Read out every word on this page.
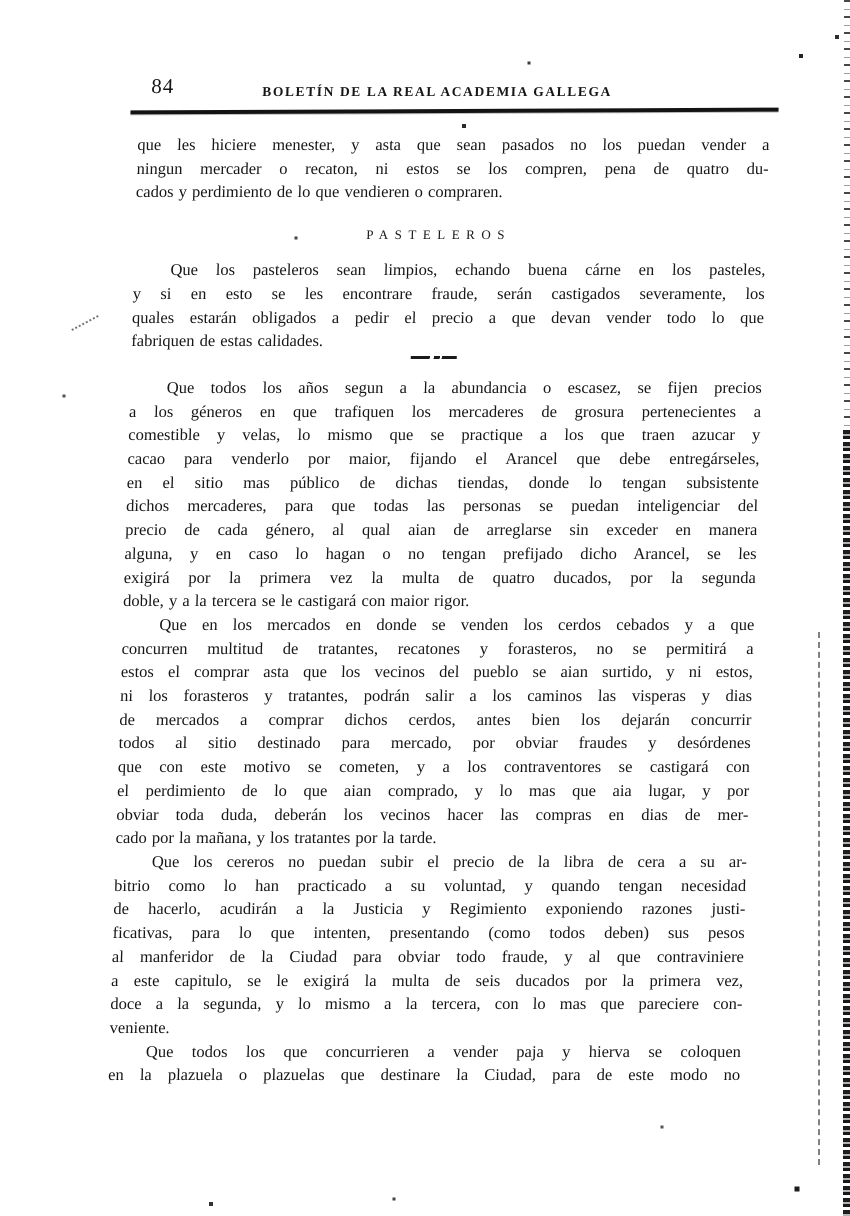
84	BOLETÍN DE LA REAL ACADEMIA GALLEGA
que les hiciere menester, y asta que sean pasados no los puedan vender a
ningun mercader o recaton, ni estos se los compren, pena de quatro du-
cados y perdimiento de lo que vendieren o compraren.
PASTELEROS
Que los pasteleros sean limpios, echando buena cárne en los pasteles,
y si en esto se les encontrare fraude, serán castigados severamente, los
quales estarán obligados a pedir el precio a que devan vender todo lo que
fabriquen de estas calidades.
Que todos los años segun a la abundancia o escasez, se fijen precios
a los géneros en que trafiquen los mercaderes de grosura pertenecientes a
comestible y velas, lo mismo que se practique a los que traen azucar y
cacao para venderlo por maior, fijando el Arancel que debe entregárseles,
en el sitio mas público de dichas tiendas, donde lo tengan subsistente
dichos mercaderes, para que todas las personas se puedan inteligenciar del
precio de cada género, al qual aian de arreglarse sin exceder en manera
alguna, y en caso lo hagan o no tengan prefijado dicho Arancel, se les
exigirá por la primera vez la multa de quatro ducados, por la segunda
doble, y a la tercera se le castigará con maior rigor.
Que en los mercados en donde se venden los cerdos cebados y a que
concurren multitud de tratantes, recatones y forasteros, no se permitirá a
estos el comprar asta que los vecinos del pueblo se aian surtido, y ni estos,
ni los forasteros y tratantes, podrán salir a los caminos las visperas y dias
de mercados a comprar dichos cerdos, antes bien los dejarán concurrir
todos al sitio destinado para mercado, por obviar fraudes y desórdenes
que con este motivo se cometen, y a los contraventores se castigará con
el perdimiento de lo que aian comprado, y lo mas que aia lugar, y por
obviar toda duda, deberán los vecinos hacer las compras en dias de mer-
cado por la mañana, y los tratantes por la tarde.
Que los cereros no puedan subir el precio de la libra de cera a su ar-
bitrio como lo han practicado a su voluntad, y quando tengan necesidad
de hacerlo, acudirán a la Justicia y Regimiento exponiendo razones justi-
ficativas, para lo que intenten, presentando (como todos deben) sus pesos
al manferidor de la Ciudad para obviar todo fraude, y al que contraviniere
a este capitulo, se le exigirá la multa de seis ducados por la primera vez,
doce a la segunda, y lo mismo a la tercera, con lo mas que pareciere con-
veniente.
Que todos los que concurrieren a vender paja y hierva se coloquen
en la plazuela o plazuelas que destinare la Ciudad, para de este modo no
